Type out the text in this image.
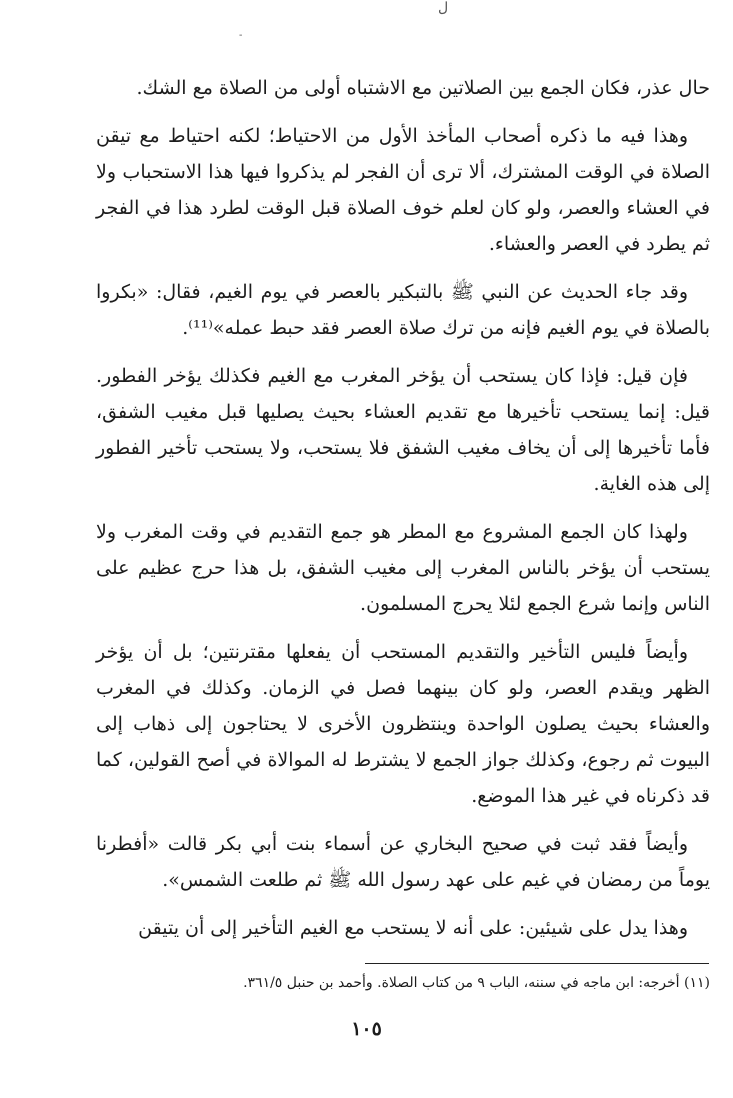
ﻝ
-

حال عذر، فكان الجمع بين الصلاتين مع الاشتباه أولى من الصلاة مع الشك.

وهذا فيه ما ذكره أصحاب المأخذ الأول من الاحتياط؛ لكنه احتياط مع تيقن الصلاة في الوقت المشترك، ألا ترى أن الفجر لم يذكروا فيها هذا الاستحباب ولا في العشاء والعصر، ولو كان لعلم خوف الصلاة قبل الوقت لطرد هذا في الفجر ثم يطرد في العصر والعشاء.

وقد جاء الحديث عن النبي ﷺ بالتبكير بالعصر في يوم الغيم، فقال: «بكروا بالصلاة في يوم الغيم فإنه من ترك صلاة العصر فقد حبط عمله»⁽¹¹⁾.

فإن قيل: فإذا كان يستحب أن يؤخر المغرب مع الغيم فكذلك يؤخر الفطور. قيل: إنما يستحب تأخيرها مع تقديم العشاء بحيث يصليها قبل مغيب الشفق، فأما تأخيرها إلى أن يخاف مغيب الشفق فلا يستحب، ولا يستحب تأخير الفطور إلى هذه الغاية.

ولهذا كان الجمع المشروع مع المطر هو جمع التقديم في وقت المغرب ولا يستحب أن يؤخر بالناس المغرب إلى مغيب الشفق، بل هذا حرج عظيم على الناس وإنما شرع الجمع لئلا يحرج المسلمون.

وأيضاً فليس التأخير والتقديم المستحب أن يفعلها مقترنتين؛ بل أن يؤخر الظهر ويقدم العصر، ولو كان بينهما فصل في الزمان. وكذلك في المغرب والعشاء بحيث يصلون الواحدة وينتظرون الأخرى لا يحتاجون إلى ذهاب إلى البيوت ثم رجوع، وكذلك جواز الجمع لا يشترط له الموالاة في أصح القولين، كما قد ذكرناه في غير هذا الموضع.

وأيضاً فقد ثبت في صحيح البخاري عن أسماء بنت أبي بكر قالت «أفطرنا يوماً من رمضان في غيم على عهد رسول الله ﷺ ثم طلعت الشمس».

وهذا يدل على شيئين: على أنه لا يستحب مع الغيم التأخير إلى أن يتيقن

(١١) أخرجه: ابن ماجه في سننه، الباب ٩ من كتاب الصلاة. وأحمد بن حنبل ٣٦١/٥.
١٠٥
